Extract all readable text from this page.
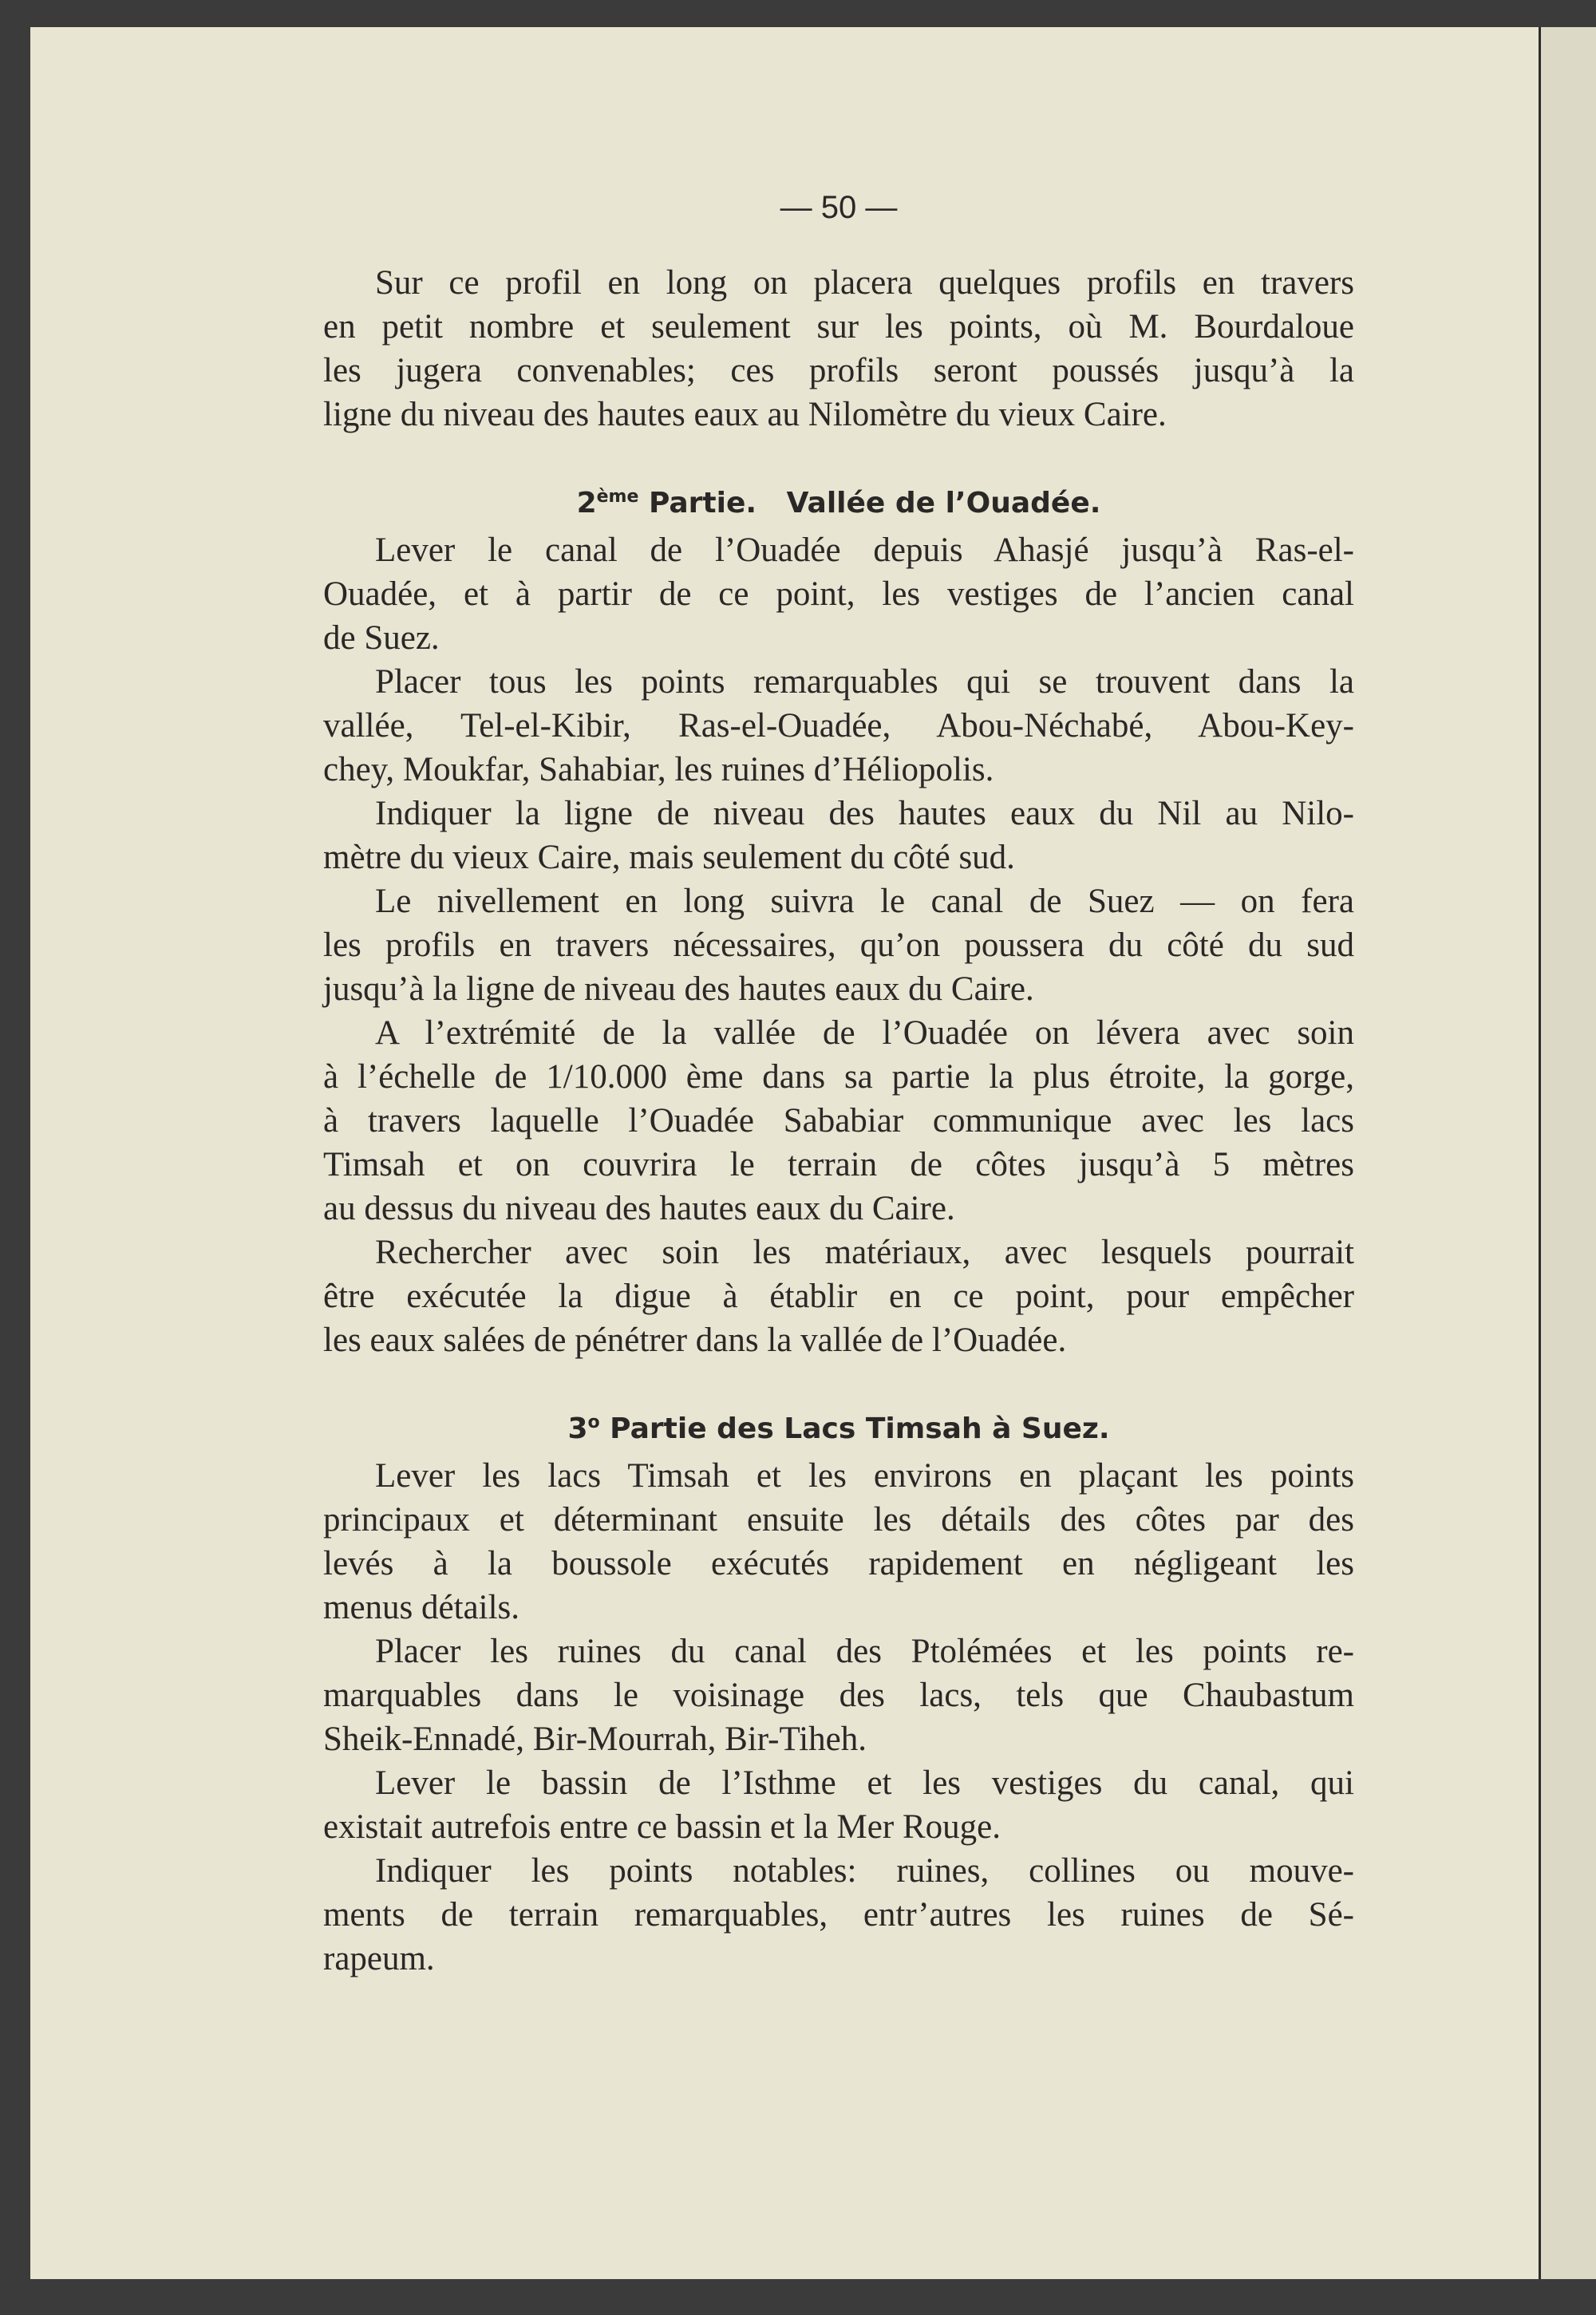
— 50 —
Sur ce profil en long on placera quelques profils en travers
en petit nombre et seulement sur les points, où M. Bourdaloue
les jugera convenables; ces profils seront poussés jusqu’à la
ligne du niveau des hautes eaux au Nilomètre du vieux Caire.
2ème Partie.   Vallée de l’Ouadée.
Lever le canal de l’Ouadée depuis Ahasjé jusqu’à Ras-el-
Ouadée, et à partir de ce point, les vestiges de l’ancien canal
de Suez.
Placer tous les points remarquables qui se trouvent dans la
vallée, Tel-el-Kibir, Ras-el-Ouadée, Abou-Néchabé, Abou-Key-
chey, Moukfar, Sahabiar, les ruines d’Héliopolis.
Indiquer la ligne de niveau des hautes eaux du Nil au Nilo-
mètre du vieux Caire, mais seulement du côté sud.
Le nivellement en long suivra le canal de Suez — on fera
les profils en travers nécessaires, qu’on poussera du côté du sud
jusqu’à la ligne de niveau des hautes eaux du Caire.
A l’extrémité de la vallée de l’Ouadée on lévera avec soin
à l’échelle de 1/10.000 ème dans sa partie la plus étroite, la gorge,
à travers laquelle l’Ouadée Sababiar communique avec les lacs
Timsah et on couvrira le terrain de côtes jusqu’à 5 mètres
au dessus du niveau des hautes eaux du Caire.
Rechercher avec soin les matériaux, avec lesquels pourrait
être exécutée la digue à établir en ce point, pour empêcher
les eaux salées de pénétrer dans la vallée de l’Ouadée.
3$^o$ Partie des Lacs Timsah à Suez.
Lever les lacs Timsah et les environs en plaçant les points
principaux et déterminant ensuite les détails des côtes par des
levés à la boussole exécutés rapidement en négligeant les
menus détails.
Placer les ruines du canal des Ptolémées et les points re-
marquables dans le voisinage des lacs, tels que Chaubastum
Sheik-Ennadé, Bir-Mourrah, Bir-Tiheh.
Lever le bassin de l’Isthme et les vestiges du canal, qui
existait autrefois entre ce bassin et la Mer Rouge.
Indiquer les points notables: ruines, collines ou mouve-
ments de terrain remarquables, entr’autres les ruines de Sé-
rapeum.
